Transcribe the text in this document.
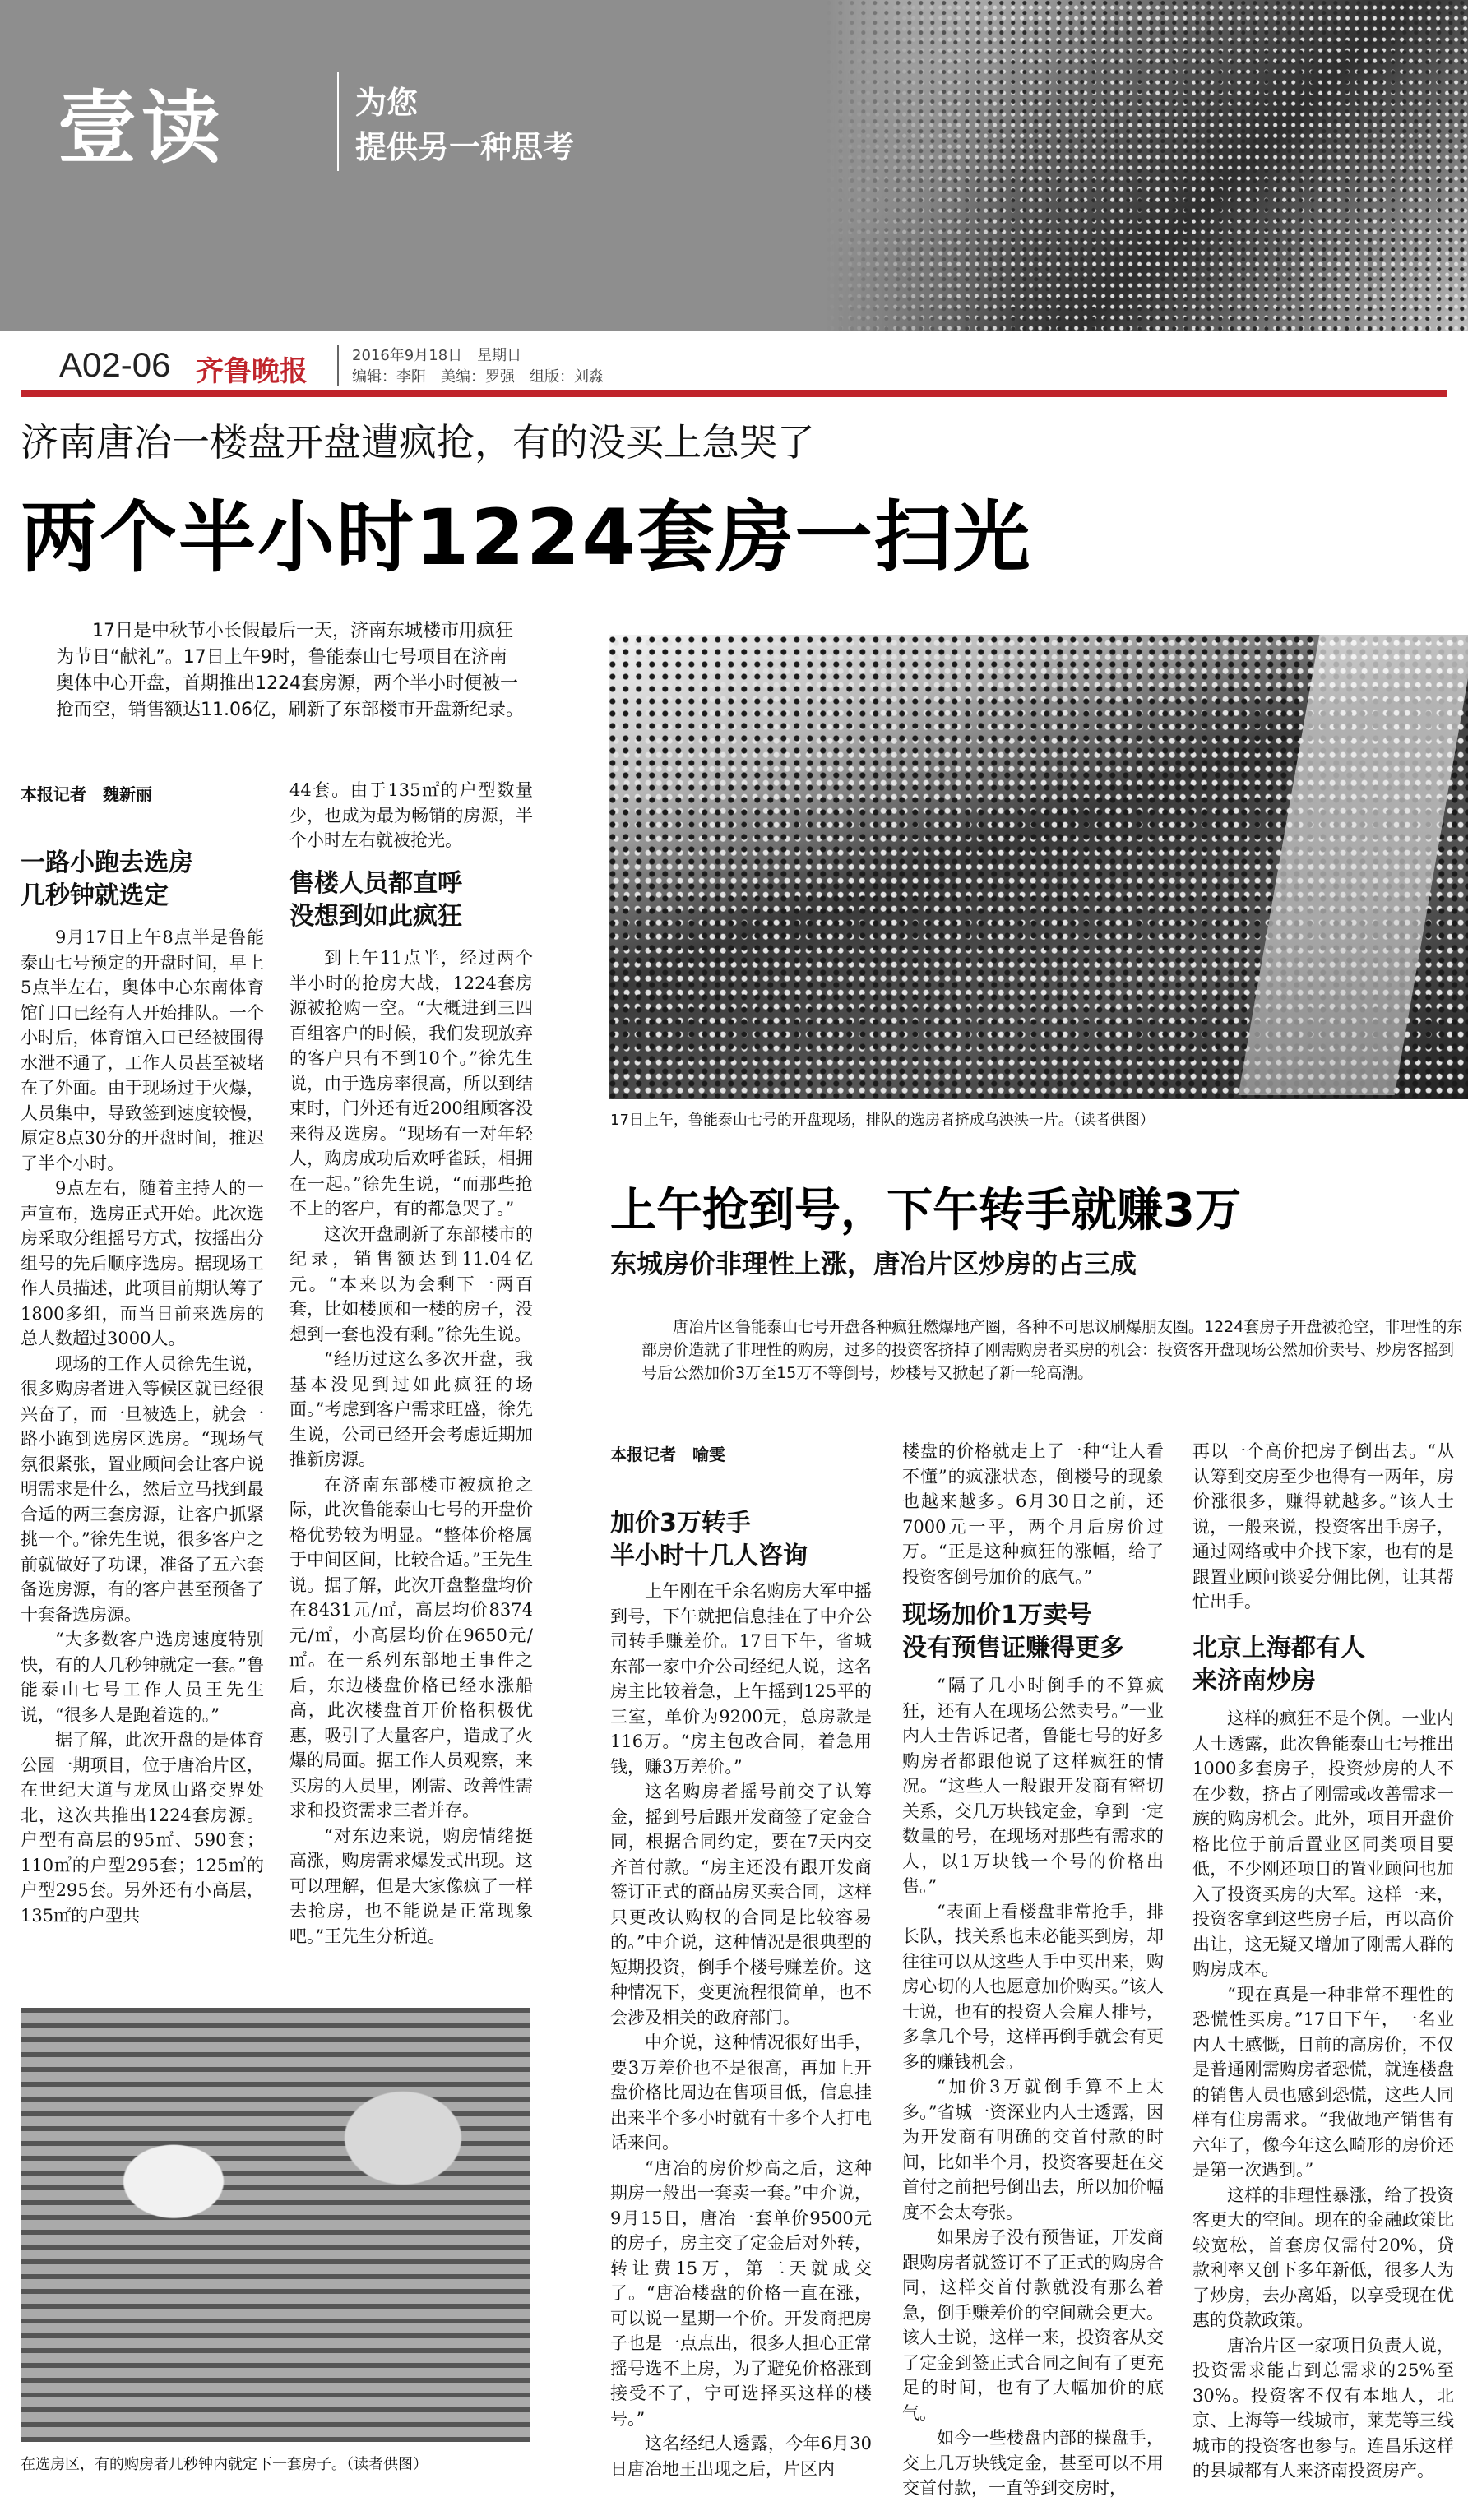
壹读	为您
提供另一种思考
A02-06 齐鲁晚报	2016年9月18日　星期日
编辑：李阳　美编：罗强　组版：刘淼
济南唐冶一楼盘开盘遭疯抢，有的没买上急哭了
两个半小时1224套房一扫光
17日是中秋节小长假最后一天，济南东城楼市用疯狂为节日“献礼”。17日上午9时，鲁能泰山七号项目在济南奥体中心开盘，首期推出1224套房源，两个半小时便被一抢而空，销售额达11.06亿，刷新了东部楼市开盘新纪录。
本报记者　魏新丽
一路小跑去选房
几秒钟就选定

9月17日上午8点半是鲁能泰山七号预定的开盘时间，早上5点半左右，奥体中心东南体育馆门口已经有人开始排队。一个小时后，体育馆入口已经被围得水泄不通了，工作人员甚至被堵在了外面。由于现场过于火爆，人员集中，导致签到速度较慢，原定8点30分的开盘时间，推迟了半个小时。

9点左右，随着主持人的一声宣布，选房正式开始。此次选房采取分组摇号方式，按摇出分组号的先后顺序选房。据现场工作人员描述，此项目前期认筹了1800多组，而当日前来选房的总人数超过3000人。

现场的工作人员徐先生说，很多购房者进入等候区就已经很兴奋了，而一旦被选上，就会一路小跑到选房区选房。“现场气氛很紧张，置业顾问会让客户说明需求是什么，然后立马找到最合适的两三套房源，让客户抓紧挑一个。”徐先生说，很多客户之前就做好了功课，准备了五六套备选房源，有的客户甚至预备了十套备选房源。

“大多数客户选房速度特别快，有的人几秒钟就定一套。”鲁能泰山七号工作人员王先生说，“很多人是跑着选的。”

据了解，此次开盘的是体育公园一期项目，位于唐冶片区，在世纪大道与龙凤山路交界处北，这次共推出1224套房源。户型有高层的95㎡、590套；110㎡的户型295套；125㎡的户型295套。另外还有小高层，135㎡的户型共

44套。由于135㎡的户型数量少，也成为最为畅销的房源，半个小时左右就被抢光。

售楼人员都直呼
没想到如此疯狂

到上午11点半，经过两个半小时的抢房大战，1224套房源被抢购一空。“大概进到三四百组客户的时候，我们发现放弃的客户只有不到10个。”徐先生说，由于选房率很高，所以到结束时，门外还有近200组顾客没来得及选房。“现场有一对年轻人，购房成功后欢呼雀跃，相拥在一起。”徐先生说，“而那些抢不上的客户，有的都急哭了。”

这次开盘刷新了东部楼市的纪录，销售额达到11.04亿元。“本来以为会剩下一两百套，比如楼顶和一楼的房子，没想到一套也没有剩。”徐先生说。

“经历过这么多次开盘，我基本没见到过如此疯狂的场面。”考虑到客户需求旺盛，徐先生说，公司已经开会考虑近期加推新房源。

在济南东部楼市被疯抢之际，此次鲁能泰山七号的开盘价格优势较为明显。“整体价格属于中间区间，比较合适。”王先生说。据了解，此次开盘整盘均价在8431元/㎡，高层均价8374元/㎡，小高层均价在9650元/㎡。在一系列东部地王事件之后，东边楼盘价格已经水涨船高，此次楼盘首开价格积极优惠，吸引了大量客户，造成了火爆的局面。据工作人员观察，来买房的人员里，刚需、改善性需求和投资需求三者并存。

“对东边来说，购房情绪挺高涨，购房需求爆发式出现。这可以理解，但是大家像疯了一样去抢房，也不能说是正常现象吧。”王先生分析道。

17日上午，鲁能泰山七号的开盘现场，排队的选房者挤成乌泱泱一片。（读者供图）
在选房区，有的购房者几秒钟内就定下一套房子。（读者供图）
上午抢到号，下午转手就赚3万
东城房价非理性上涨，唐冶片区炒房的占三成
唐冶片区鲁能泰山七号开盘各种疯狂燃爆地产圈，各种不可思议刷爆朋友圈。1224套房子开盘被抢空，非理性的东部房价造就了非理性的购房，过多的投资客挤掉了刚需购房者买房的机会：投资客开盘现场公然加价卖号、炒房客摇到号后公然加价3万至15万不等倒号，炒楼号又掀起了新一轮高潮。
本报记者　喻雯
加价3万转手
半小时十几人咨询

上午刚在千余名购房大军中摇到号，下午就把信息挂在了中介公司转手赚差价。17日下午，省城东部一家中介公司经纪人说，这名房主比较着急，上午摇到125平的三室，单价为9200元，总房款是116万。“房主包改合同，着急用钱，赚3万差价。”

这名购房者摇号前交了认筹金，摇到号后跟开发商签了定金合同，根据合同约定，要在7天内交齐首付款。“房主还没有跟开发商签订正式的商品房买卖合同，这样只更改认购权的合同是比较容易的。”中介说，这种情况是很典型的短期投资，倒手个楼号赚差价。这种情况下，变更流程很简单，也不会涉及相关的政府部门。

中介说，这种情况很好出手，要3万差价也不是很高，再加上开盘价格比周边在售项目低，信息挂出来半个多小时就有十多个人打电话来问。

“唐冶的房价炒高之后，这种期房一般出一套卖一套。”中介说，9月15日，唐冶一套单价9500元的房子，房主交了定金后对外转，转让费15万，第二天就成交了。“唐冶楼盘的价格一直在涨，可以说一星期一个价。开发商把房子也是一点点出，很多人担心正常摇号选不上房，为了避免价格涨到接受不了，宁可选择买这样的楼号。”

这名经纪人透露，今年6月30日唐冶地王出现之后，片区内

楼盘的价格就走上了一种“让人看不懂”的疯涨状态，倒楼号的现象也越来越多。6月30日之前，还7000元一平，两个月后房价过万。“正是这种疯狂的涨幅，给了投资客倒号加价的底气。”

现场加价1万卖号
没有预售证赚得更多

“隔了几小时倒手的不算疯狂，还有人在现场公然卖号。”一业内人士告诉记者，鲁能七号的好多购房者都跟他说了这样疯狂的情况。“这些人一般跟开发商有密切关系，交几万块钱定金，拿到一定数量的号，在现场对那些有需求的人，以1万块钱一个号的价格出售。”

“表面上看楼盘非常抢手，排长队，找关系也未必能买到房，却往往可以从这些人手中买出来，购房心切的人也愿意加价购买。”该人士说，也有的投资人会雇人排号，多拿几个号，这样再倒手就会有更多的赚钱机会。

“加价3万就倒手算不上太多。”省城一资深业内人士透露，因为开发商有明确的交首付款的时间，比如半个月，投资客要赶在交首付之前把号倒出去，所以加价幅度不会太夸张。

如果房子没有预售证，开发商跟购房者就签订不了正式的购房合同，这样交首付款就没有那么着急，倒手赚差价的空间就会更大。该人士说，这样一来，投资客从交了定金到签正式合同之间有了更充足的时间，也有了大幅加价的底气。

如今一些楼盘内部的操盘手，交上几万块钱定金，甚至可以不用交首付款，一直等到交房时，

再以一个高价把房子倒出去。“从认筹到交房至少也得有一两年，房价涨很多，赚得就越多。”该人士说，一般来说，投资客出手房子，通过网络或中介找下家，也有的是跟置业顾问谈妥分佣比例，让其帮忙出手。

北京上海都有人
来济南炒房

这样的疯狂不是个例。一业内人士透露，此次鲁能泰山七号推出1000多套房子，投资炒房的人不在少数，挤占了刚需或改善需求一族的购房机会。此外，项目开盘价格比位于前后置业区同类项目要低，不少刚还项目的置业顾问也加入了投资买房的大军。这样一来，投资客拿到这些房子后，再以高价出让，这无疑又增加了刚需人群的购房成本。

“现在真是一种非常不理性的恐慌性买房。”17日下午，一名业内人士感慨，目前的高房价，不仅是普通刚需购房者恐慌，就连楼盘的销售人员也感到恐慌，这些人同样有住房需求。“我做地产销售有六年了，像今年这么畸形的房价还是第一次遇到。”

这样的非理性暴涨，给了投资客更大的空间。现在的金融政策比较宽松，首套房仅需付20%，贷款利率又创下多年新低，很多人为了炒房，去办离婚，以享受现在优惠的贷款政策。

唐冶片区一家项目负责人说，投资需求能占到总需求的25%至30%。投资客不仅有本地人，北京、上海等一线城市，莱芜等三线城市的投资客也参与。连昌乐这样的县城都有人来济南投资房产。
